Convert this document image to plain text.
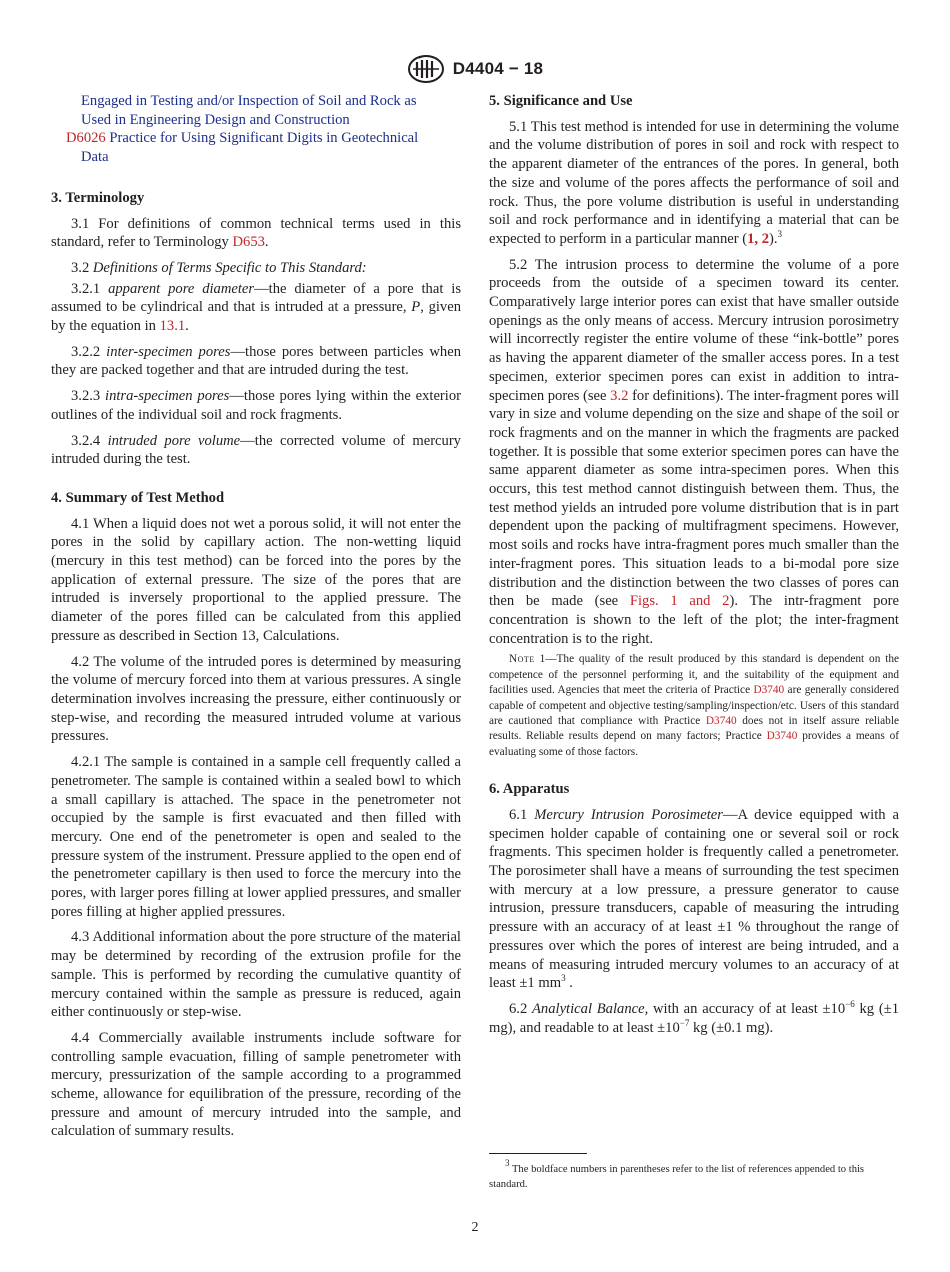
D4404 − 18
Engaged in Testing and/or Inspection of Soil and Rock as
Used in Engineering Design and Construction
D6026 Practice for Using Significant Digits in Geotechnical
Data
3. Terminology

3.1 For definitions of common technical terms used in this standard, refer to Terminology D653.

3.2 Definitions of Terms Specific to This Standard:

3.2.1 apparent pore diameter—the diameter of a pore that is assumed to be cylindrical and that is intruded at a pressure, P, given by the equation in 13.1.

3.2.2 inter-specimen pores—those pores between particles when they are packed together and that are intruded during the test.

3.2.3 intra-specimen pores—those pores lying within the exterior outlines of the individual soil and rock fragments.

3.2.4 intruded pore volume—the corrected volume of mercury intruded during the test.

4. Summary of Test Method

4.1 When a liquid does not wet a porous solid, it will not enter the pores in the solid by capillary action. The non-wetting liquid (mercury in this test method) can be forced into the pores by the application of external pressure. The size of the pores that are intruded is inversely proportional to the applied pressure. The diameter of the pores filled can be calculated from this applied pressure as described in Section 13, Calculations.

4.2 The volume of the intruded pores is determined by measuring the volume of mercury forced into them at various pressures. A single determination involves increasing the pressure, either continuously or step-wise, and recording the measured intruded volume at various pressures.

4.2.1 The sample is contained in a sample cell frequently called a penetrometer. The sample is contained within a sealed bowl to which a small capillary is attached. The space in the penetrometer not occupied by the sample is first evacuated and then filled with mercury. One end of the penetrometer is open and sealed to the pressure system of the instrument. Pressure applied to the open end of the penetrometer capillary is then used to force the mercury into the pores, with larger pores filling at lower applied pressures, and smaller pores filling at higher applied pressures.

4.3 Additional information about the pore structure of the material may be determined by recording of the extrusion profile for the sample. This is performed by recording the cumulative quantity of mercury contained within the sample as pressure is reduced, again either continuously or step-wise.

4.4 Commercially available instruments include software for controlling sample evacuation, filling of sample penetrometer with mercury, pressurization of the sample according to a programmed scheme, allowance for equilibration of the pressure, recording of the pressure and amount of mercury intruded into the sample, and calculation of summary results.

5. Significance and Use

5.1 This test method is intended for use in determining the volume and the volume distribution of pores in soil and rock with respect to the apparent diameter of the entrances of the pores. In general, both the size and volume of the pores affects the performance of soil and rock. Thus, the pore volume distribution is useful in understanding soil and rock performance and in identifying a material that can be expected to perform in a particular manner (1, 2).$^3$

5.2 The intrusion process to determine the volume of a pore proceeds from the outside of a specimen toward its center. Comparatively large interior pores can exist that have smaller outside openings as the only means of access. Mercury intrusion porosimetry will incorrectly register the entire volume of these “ink-bottle” pores as having the apparent diameter of the smaller access pores. In a test specimen, exterior specimen pores can exist in addition to intra-specimen pores (see 3.2 for definitions). The inter-fragment pores will vary in size and volume depending on the size and shape of the soil or rock fragments and on the manner in which the fragments are packed together. It is possible that some exterior specimen pores can have the same apparent diameter as some intra-specimen pores. When this occurs, this test method cannot distinguish between them. Thus, the test method yields an intruded pore volume distribution that is in part dependent upon the packing of multifragment specimens. However, most soils and rocks have intra-fragment pores much smaller than the inter-fragment pores. This situation leads to a bi-modal pore size distribution and the distinction between the two classes of pores can then be made (see Figs. 1 and 2). The intr-fragment pore concentration is shown to the left of the plot; the inter-fragment concentration is to the right.

Note 1—The quality of the result produced by this standard is dependent on the competence of the personnel performing it, and the suitability of the equipment and facilities used. Agencies that meet the criteria of Practice D3740 are generally considered capable of competent and objective testing/sampling/inspection/etc. Users of this standard are cautioned that compliance with Practice D3740 does not in itself assure reliable results. Reliable results depend on many factors; Practice D3740 provides a means of evaluating some of those factors.

6. Apparatus

6.1 Mercury Intrusion Porosimeter—A device equipped with a specimen holder capable of containing one or several soil or rock fragments. This specimen holder is frequently called a penetrometer. The porosimeter shall have a means of surrounding the test specimen with mercury at a low pressure, a pressure generator to cause intrusion, pressure transducers, capable of measuring the intruding pressure with an accuracy of at least ±1 % throughout the range of pressures over which the pores of interest are being intruded, and a means of measuring intruded mercury volumes to an accuracy of at least ±1 $mm^3$ .

6.2 Analytical Balance, with an accuracy of at least $\pm 10^{-6}$ kg (±1 mg), and readable to at least $\pm 10^{-7}$ kg (±0.1 mg).

$^3$ The boldface numbers in parentheses refer to the list of references appended to this standard.
2
